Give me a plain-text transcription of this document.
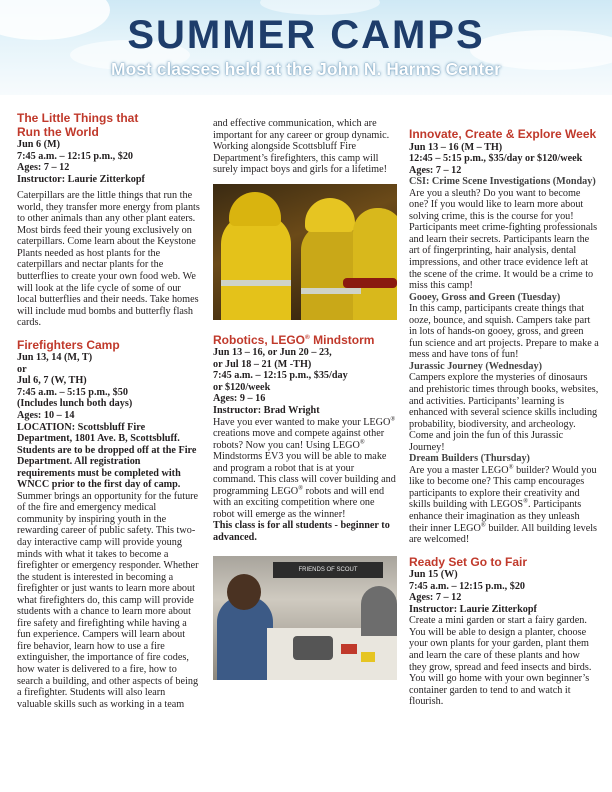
SUMMER CAMPS
Most classes held at the John N. Harms Center

The Little Things that

Run the World

Jun 6 (M)

7:45 a.m. – 12:15 p.m., $20

Ages: 7 – 12

Instructor: Laurie Zitterkopf

Caterpillars are the little things that run the world, they transfer more energy from plants to other animals than any other plant eaters. Most birds feed their young exclusively on caterpillars. Come learn about the Keystone Plants needed as host plants for the caterpillars and nectar plants for the butterflies to create your own food web. We will look at the life cycle of some of our local butterflies and their needs. Take homes will include mud bombs and butterfly flash cards.

Firefighters Camp

Jun 13, 14 (M, T)

or

Jul 6, 7 (W, TH)

7:45 a.m. – 5:15 p.m., $50

(Includes lunch both days)

Ages: 10 – 14

LOCATION: Scottsbluff Fire Department, 1801 Ave. B, Scottsbluff. Students are to be dropped off at the Fire Department. All registration requirements must be completed with WNCC prior to the first day of camp.

Summer brings an opportunity for the future of the fire and emergency medical community by inspiring youth in the rewarding career of public safety. This two-day interactive camp will provide young minds with what it takes to become a firefighter or emergency responder. Whether the student is interested in becoming a firefighter or just wants to learn more about what firefighters do, this camp will provide students with a chance to learn more about fire safety and firefighting while having a fun experience. Campers will learn about fire behavior, learn how to use a fire extinguisher, the importance of fire codes, how water is delivered to a fire, how to search a building, and other aspects of being a firefighter. Students will also learn valuable skills such as working in a team

and effective communication, which are important for any career or group dynamic. Working alongside Scottsbluff Fire Department’s firefighters, this camp will surely impact boys and girls for a lifetime!

Robotics, LEGO® Mindstorm

Jun 13 – 16, or Jun 20 – 23,

or Jul 18 – 21 (M -TH)

7:45 a.m. – 12:15 p.m., $35/day

or $120/week

Ages: 9 – 16

Instructor: Brad Wright

Have you ever wanted to make your LEGO® creations move and compete against other robots? Now you can! Using LEGO® Mindstorms EV3 you will be able to make and program a robot that is at your command. This class will cover building and programming LEGO® robots and will end with an exciting competition where one robot will emerge as the winner!

This class is for all students - beginner to advanced.

FRIENDS OF SCOUT

Innovate, Create & Explore Week

Jun 13 – 16 (M – TH)

12:45 – 5:15 p.m., $35/day or $120/week

Ages: 7 – 12

CSI: Crime Scene Investigations (Monday)

Are you a sleuth? Do you want to become one? If you would like to learn more about solving crime, this is the course for you! Participants meet crime-fighting professionals and learn their secrets. Participants learn the art of fingerprinting, hair analysis, dental impressions, and other trace evidence left at the scene of the crime. It would be a crime to miss this camp!

Gooey, Gross and Green (Tuesday)

In this camp, participants create things that ooze, bounce, and squish. Campers take part in lots of hands-on gooey, gross, and green fun science and art projects. Prepare to make a mess and have tons of fun!

Jurassic Journey (Wednesday)

Campers explore the mysteries of dinosaurs and prehistoric times through books, websites, and activities. Participants’ learning is enhanced with several science skills including probability, biodiversity, and archeology. Come and join the fun of this Jurassic Journey!

Dream Builders (Thursday)

Are you a master LEGO® builder? Would you like to become one? This camp encourages participants to explore their creativity and skills building with LEGOS®. Participants enhance their imagination as they unleash their inner LEGO® builder. All building levels are welcomed!

Ready Set Go to Fair

Jun 15 (W)

7:45 a.m. – 12:15 p.m., $20

Ages: 7 – 12

Instructor: Laurie Zitterkopf

Create a mini garden or start a fairy garden. You will be able to design a planter, choose your own plants for your garden, plant them and learn the care of these plants and how they grow, spread and feed insects and birds. You will go home with your own beginner’s container garden to tend to and watch it flourish.
